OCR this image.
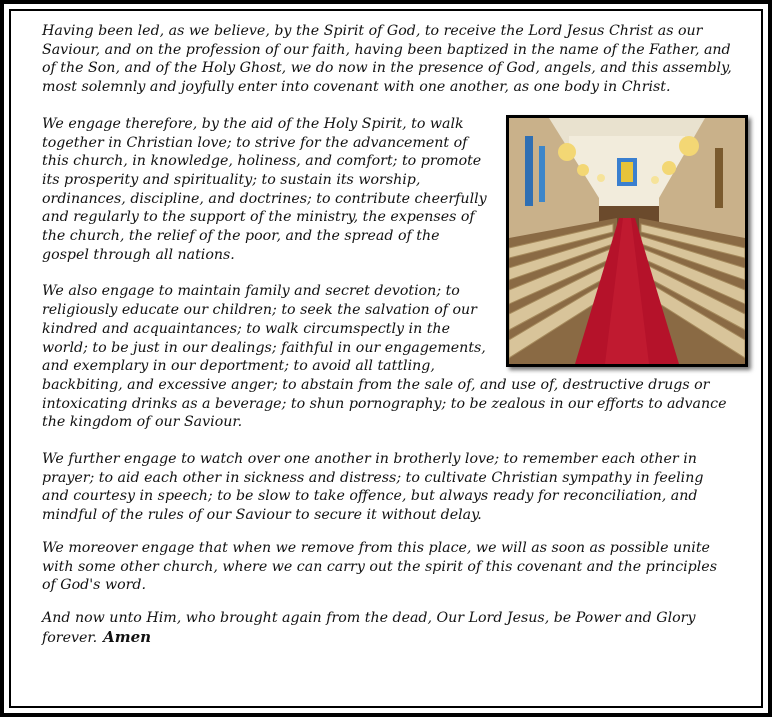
Having been led, as we believe, by the Spirit of God, to receive the Lord Jesus Christ as our Saviour, and on the profession of our faith, having been baptized in the name of the Father, and of the Son, and of the Holy Ghost, we do now in the presence of God, angels, and this assembly, most solemnly and joyfully enter into covenant with one another, as one body in Christ.

We engage therefore, by the aid of the Holy Spirit, to walk together in Christian love; to strive for the advancement of this church, in knowledge, holiness, and comfort; to promote its prosperity and spirituality; to sustain its worship, ordinances, discipline, and doctrines; to contribute cheerfully and regularly to the support of the ministry, the expenses of the church, the relief of the poor, and the spread of the gospel through all nations.

We also engage to maintain family and secret devotion; to religiously educate our children; to seek the salvation of our kindred and acquaintances; to walk circumspectly in the world; to be just in our dealings; faithful in our engagements, and exemplary in our deportment; to avoid all tattling, backbiting, and excessive anger; to abstain from the sale of, and use of, destructive drugs or intoxicating drinks as a beverage; to shun pornography; to be zealous in our efforts to advance the kingdom of our Saviour.

We further engage to watch over one another in brotherly love; to remember each other in prayer; to aid each other in sickness and distress; to cultivate Christian sympathy in feeling and courtesy in speech; to be slow to take offence, but always ready for reconciliation, and mindful of the rules of our Saviour to secure it without delay.

We moreover engage that when we remove from this place, we will as soon as possible unite with some other church, where we can carry out the spirit of this covenant and the principles of God's word.

And now unto Him, who brought again from the dead, Our Lord Jesus, be Power and Glory forever. Amen
